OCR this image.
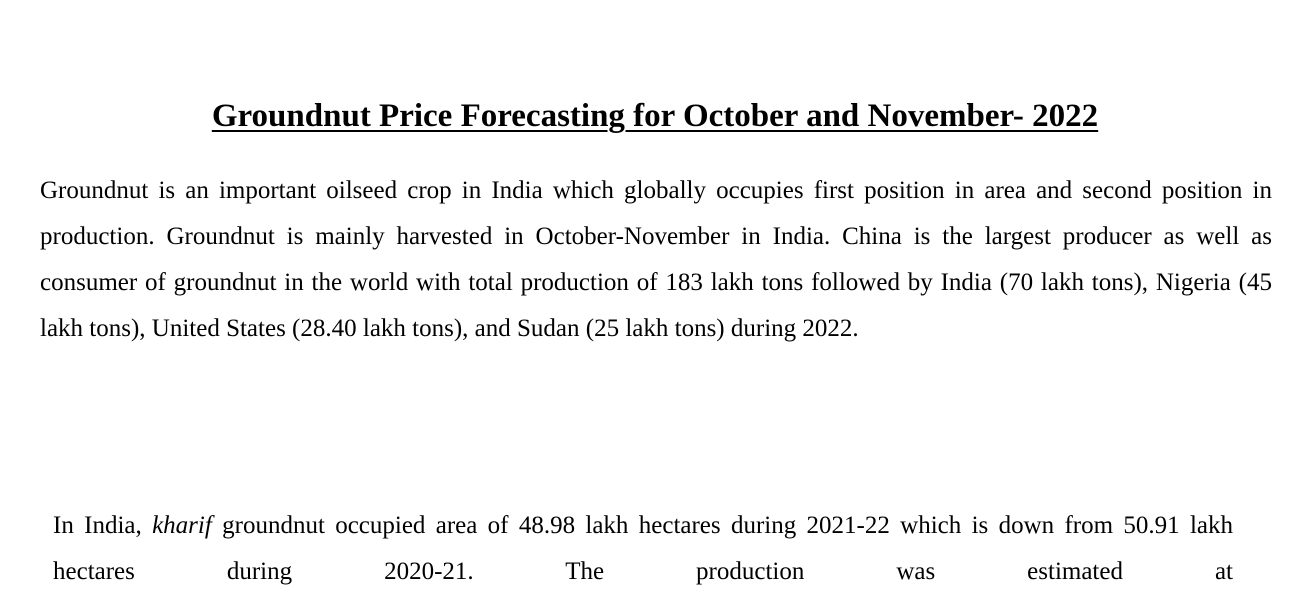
Groundnut Price Forecasting for October and November- 2022

Groundnut is an important oilseed crop in India which globally occupies first position in area and second position in production. Groundnut is mainly harvested in October-November in India. China is the largest producer as well as consumer of groundnut in the world with total production of 183 lakh tons followed by India (70 lakh tons), Nigeria (45 lakh tons), United States (28.40 lakh tons), and Sudan (25 lakh tons) during 2022.

In India, kharif groundnut occupied area of 48.98 lakh hectares during 2021-22 which is down from 50.91 lakh hectares during 2020-21. The production was estimated at
